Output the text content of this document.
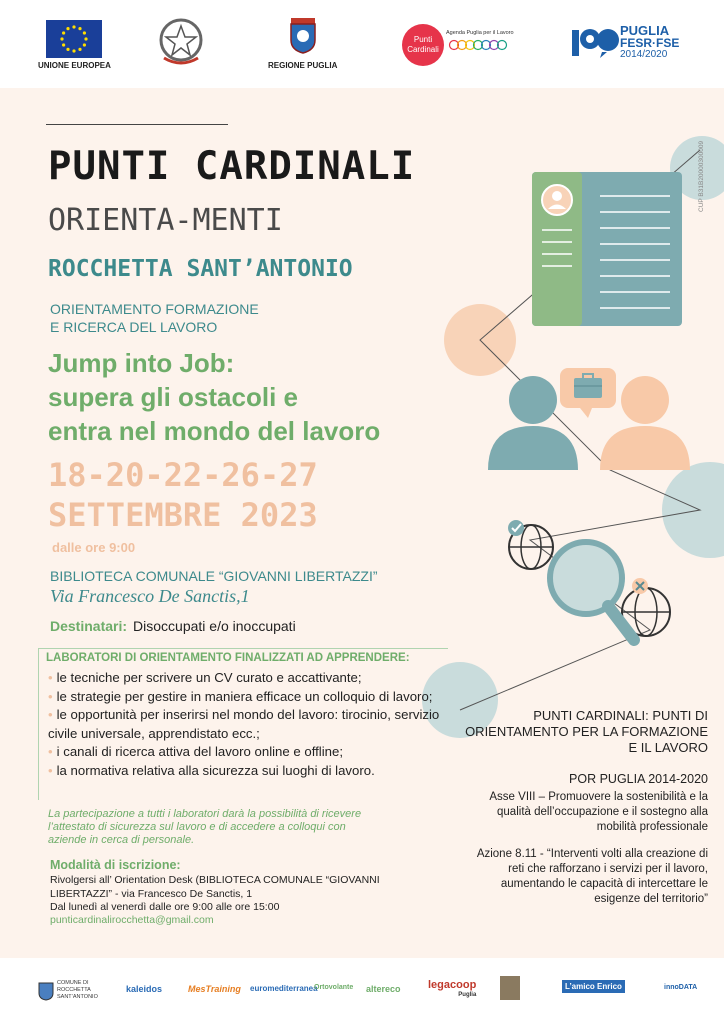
UNIONE EUROPEA	REGIONE PUGLIA
Punti Cardinali
Agenda Puglia per il Lavoro	PUGLIA
FESR·FSE
2014/2020
CUP B31B20000300009
PUNTI CARDINALI
ORIENTA-MENTI
ROCCHETTA SANT’ANTONIO
ORIENTAMENTO FORMAZIONE
E RICERCA DEL LAVORO
Jump into Job:
supera gli ostacoli e
entra nel mondo del lavoro
18-20-22-26-27
SETTEMBRE 2023
dalle ore 9:00
BIBLIOTECA COMUNALE “GIOVANNI LIBERTAZZI”
Via Francesco De Sanctis,1
Destinatari: Disoccupati e/o inoccupati
LABORATORI DI ORIENTAMENTO FINALIZZATI AD APPRENDERE:
• le tecniche per scrivere un CV curato e accattivante;
• le strategie per gestire in maniera efficace un colloquio di lavoro;
• le opportunità per inserirsi nel mondo del lavoro: tirocinio, servizio civile universale, apprendistato ecc.;
• i canali di ricerca attiva del lavoro online e offline;
• la normativa relativa alla sicurezza sui luoghi di lavoro.
La partecipazione a tutti i laboratori darà la possibilità di ricevere l’attestato di sicurezza sul lavoro e di accedere a colloqui con aziende in cerca di personale.
Modalità di iscrizione:
Rivolgersi all’ Orientation Desk (BIBLIOTECA COMUNALE “GIOVANNI LIBERTAZZI” - via Francesco De Sanctis, 1
Dal lunedì al venerdì dalle ore 9:00 alle ore 15:00
punticardinalirocchetta@gmail.com
PUNTI CARDINALI: PUNTI DI ORIENTAMENTO PER LA FORMAZIONE E IL LAVORO
POR PUGLIA 2014-2020
Asse VIII – Promuovere la sostenibilità e la qualità dell’occupazione e il sostegno alla mobilità professionale
Azione 8.11 - “Interventi volti alla creazione di reti che rafforzano i servizi per il lavoro, aumentando le capacità di intercettare le esigenze del territorio”
COMUNE DI ROCCHETTA SANT’ANTONIO
kaleidos	MesTraining euromediterranea
Ortovolante altereco legacoop
Puglia
L’amico Enrico	innoDATA
